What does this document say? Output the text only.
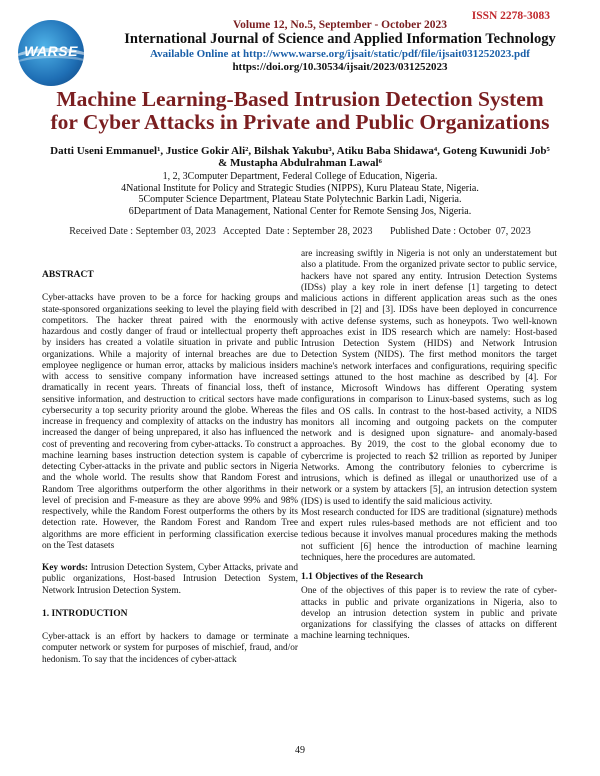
ISSN 2278-3083
WARSE
Volume 12, No.5, September - October 2023
International Journal of Science and Applied Information Technology
Available Online at http://www.warse.org/ijsait/static/pdf/file/ijsait031252023.pdf
https://doi.org/10.30534/ijsait/2023/031252023
Machine Learning-Based Intrusion Detection System
for Cyber Attacks in Private and Public Organizations
Datti Useni Emmanuel¹, Justice Gokir Ali², Bilshak Yakubu³, Atiku Baba Shidawa⁴, Goteng Kuwunidi Job⁵
& Mustapha Abdulrahman Lawal⁶
1, 2, 3Computer Department, Federal College of Education, Nigeria.
4National Institute for Policy and Strategic Studies (NIPPS), Kuru Plateau State, Nigeria.
5Computer Science Department, Plateau State Polytechnic Barkin Ladi, Nigeria.
6Department of Data Management, National Center for Remote Sensing Jos, Nigeria.
Received Date : September 03, 2023   Accepted  Date : September 28, 2023       Published Date : October  07, 2023

ABSTRACT

Cyber-attacks have proven to be a force for hacking groups and state-sponsored organizations seeking to level the playing field with competitors. The hacker threat paired with the enormously hazardous and costly danger of fraud or intellectual property theft by insiders has created a volatile situation in private and public organizations. While a majority of internal breaches are due to employee negligence or human error, attacks by malicious insiders with access to sensitive company information have increased dramatically in recent years. Threats of financial loss, theft of sensitive information, and destruction to critical sectors have made cybersecurity a top security priority around the globe. Whereas the increase in frequency and complexity of attacks on the industry has increased the danger of being unprepared, it also has influenced the cost of preventing and recovering from cyber-attacks. To construct a machine learning bases instruction detection system is capable of detecting Cyber-attacks in the private and public sectors in Nigeria and the whole world. The results show that Random Forest and Random Tree algorithms outperform the other algorithms in their level of precision and F-measure as they are above 99% and 98% respectively, while the Random Forest outperforms the others by its detection rate. However, the Random Forest and Random Tree algorithms are more efficient in performing classification exercise on the Test datasets

Key words: Intrusion Detection System, Cyber Attacks, private and public organizations, Host-based Intrusion Detection System, Network Intrusion Detection System.

1. INTRODUCTION

Cyber-attack is an effort by hackers to damage or terminate a computer network or system for purposes of mischief, fraud, and/or hedonism. To say that the incidences of cyber-attack

are increasing swiftly in Nigeria is not only an understatement but also a platitude. From the organized private sector to public service, hackers have not spared any entity. Intrusion Detection Systems (IDSs) play a key role in inert defense [1] targeting to detect malicious actions in different application areas such as the ones described in [2] and [3]. IDSs have been deployed in concurrence with active defense systems, such as honeypots. Two well-known approaches exist in IDS research which are namely: Host-based Intrusion Detection System (HIDS) and Network Intrusion Detection System (NIDS). The first method monitors the target machine's network interfaces and configurations, requiring specific settings attuned to the host machine as described by [4]. For instance, Microsoft Windows has different Operating system configurations in comparison to Linux-based systems, such as log files and OS calls. In contrast to the host-based activity, a NIDS monitors all incoming and outgoing packets on the computer network and is designed upon signature- and anomaly-based approaches. By 2019, the cost to the global economy due to cybercrime is projected to reach $2 trillion as reported by Juniper Networks. Among the contributory felonies to cybercrime is intrusions, which is defined as illegal or unauthorized use of a network or a system by attackers [5], an intrusion detection system (IDS) is used to identify the said malicious activity.

Most research conducted for IDS are traditional (signature) methods and expert rules rules-based methods are not efficient and too tedious because it involves manual procedures making the methods not sufficient [6] hence the introduction of machine learning techniques, here the procedures are automated.

1.1 Objectives of the Research

One of the objectives of this paper is to review the rate of cyber-attacks in public and private organizations in Nigeria, also to develop an intrusion detection system in public and private organizations for classifying the classes of attacks on different machine learning techniques.

49
